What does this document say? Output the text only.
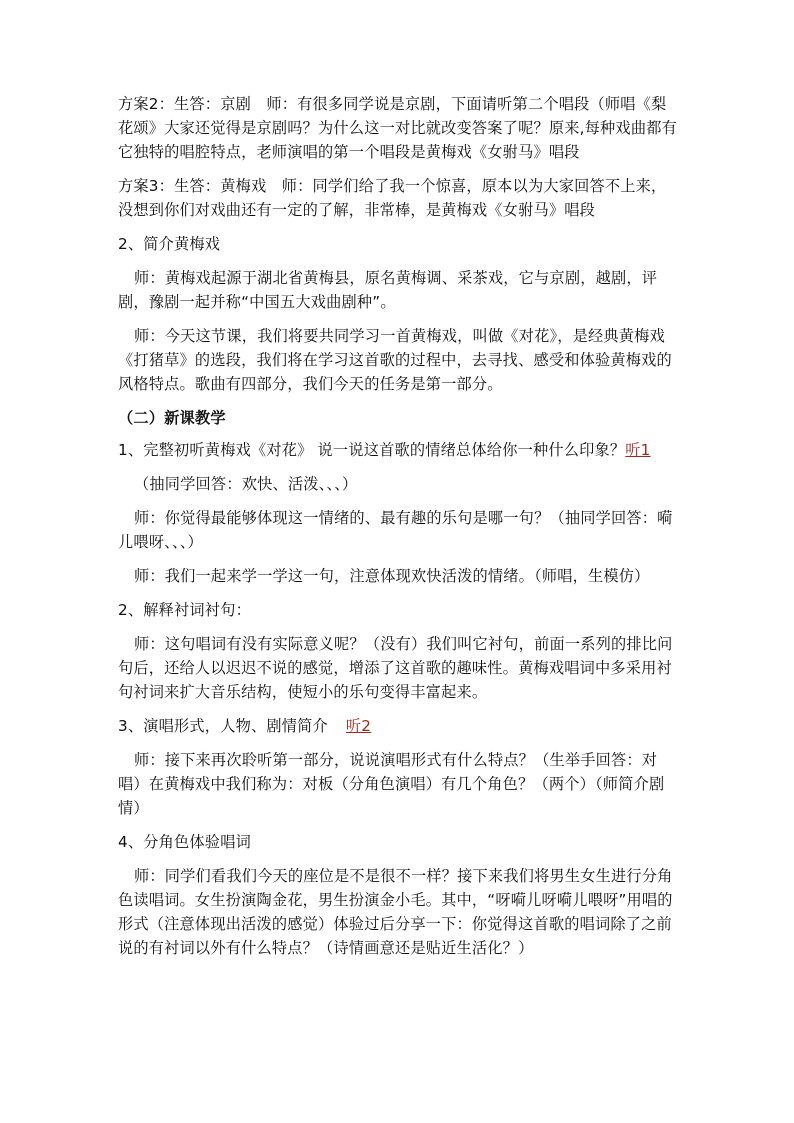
方案2：生答：京剧　师：有很多同学说是京剧，下面请听第二个唱段（师唱《梨花颂》大家还觉得是京剧吗？为什么这一对比就改变答案了呢？原来,每种戏曲都有它独特的唱腔特点，老师演唱的第一个唱段是黄梅戏《女驸马》唱段

方案3：生答：黄梅戏　师：同学们给了我一个惊喜，原本以为大家回答不上来，没想到你们对戏曲还有一定的了解，非常棒，是黄梅戏《女驸马》唱段

2、简介黄梅戏

师：黄梅戏起源于湖北省黄梅县，原名黄梅调、采茶戏，它与京剧，越剧，评剧，豫剧一起并称“中国五大戏曲剧种”。

师：今天这节课，我们将要共同学习一首黄梅戏，叫做《对花》，是经典黄梅戏《打猪草》的选段，我们将在学习这首歌的过程中，去寻找、感受和体验黄梅戏的风格特点。歌曲有四部分，我们今天的任务是第一部分。

（二）新课教学

1、完整初听黄梅戏《对花》 说一说这首歌的情绪总体给你一种什么印象？听1

（抽同学回答：欢快、活泼、、、）

师：你觉得最能够体现这一情绪的、最有趣的乐句是哪一句？（抽同学回答：嗬儿喂呀、、、）

师：我们一起来学一学这一句，注意体现欢快活泼的情绪。（师唱，生模仿）

2、解释衬词衬句：

师：这句唱词有没有实际意义呢？（没有）我们叫它衬句，前面一系列的排比问句后，还给人以迟迟不说的感觉，增添了这首歌的趣味性。黄梅戏唱词中多采用衬句衬词来扩大音乐结构，使短小的乐句变得丰富起来。

3、演唱形式，人物、剧情简介 听2

师：接下来再次聆听第一部分，说说演唱形式有什么特点？（生举手回答：对唱）在黄梅戏中我们称为：对板（分角色演唱）有几个角色？（两个）（师简介剧情）

4、分角色体验唱词

师：同学们看我们今天的座位是不是很不一样？接下来我们将男生女生进行分角色读唱词。女生扮演陶金花，男生扮演金小毛。其中，“呀嗬儿呀嗬儿喂呀”用唱的形式（注意体现出活泼的感觉）体验过后分享一下：你觉得这首歌的唱词除了之前说的有衬词以外有什么特点？（诗情画意还是贴近生活化？）
